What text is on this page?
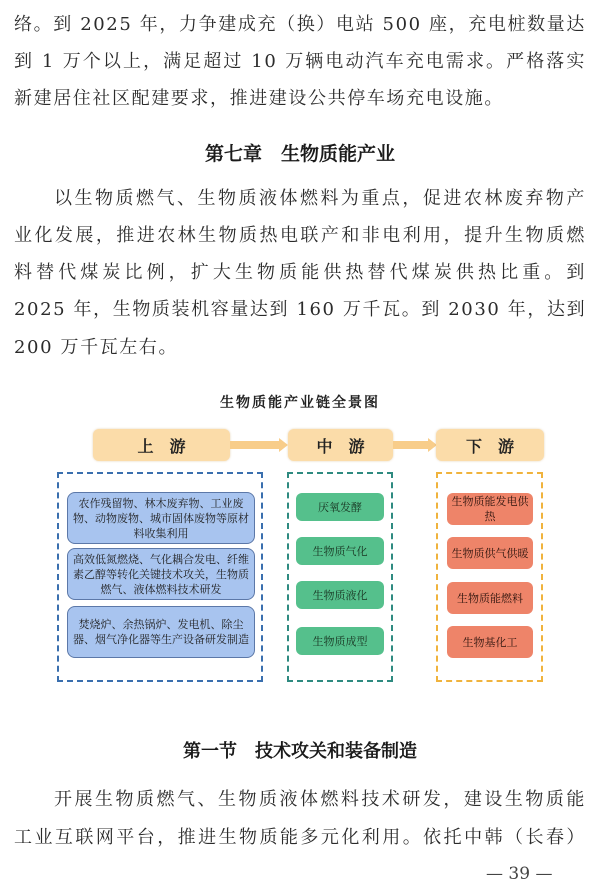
络。到 2025 年，力争建成充（换）电站 500 座，充电桩数量达
到 1 万个以上，满足超过 10 万辆电动汽车充电需求。严格落实
新建居住社区配建要求，推进建设公共停车场充电设施。
第七章　生物质能产业
以生物质燃气、生物质液体燃料为重点，促进农林废弃物产
业化发展，推进农林生物质热电联产和非电利用，提升生物质燃
料替代煤炭比例，扩大生物质能供热替代煤炭供热比重。到
2025 年，生物质装机容量达到 160 万千瓦。到 2030 年，达到
200 万千瓦左右。
生物质能产业链全景图
上　游	中　游	下　游
农作残留物、林木废弃物、工业废物、动物废物、城市固体废物等原材料收集利用
高效低氮燃烧、气化耦合发电、纤维素乙醇等转化关键技术攻关，生物质燃气、液体燃料技术研发
焚烧炉、余热锅炉、发电机、除尘器、烟气净化器等生产设备研发制造
厌氧发酵
生物质气化
生物质液化
生物质成型
生物质能发电供热
生物质供气供暖
生物质能燃料
生物基化工
第一节　技术攻关和装备制造
开展生物质燃气、生物质液体燃料技术研发，建设生物质能
工业互联网平台，推进生物质能多元化利用。依托中韩（长春）
— 39 —
